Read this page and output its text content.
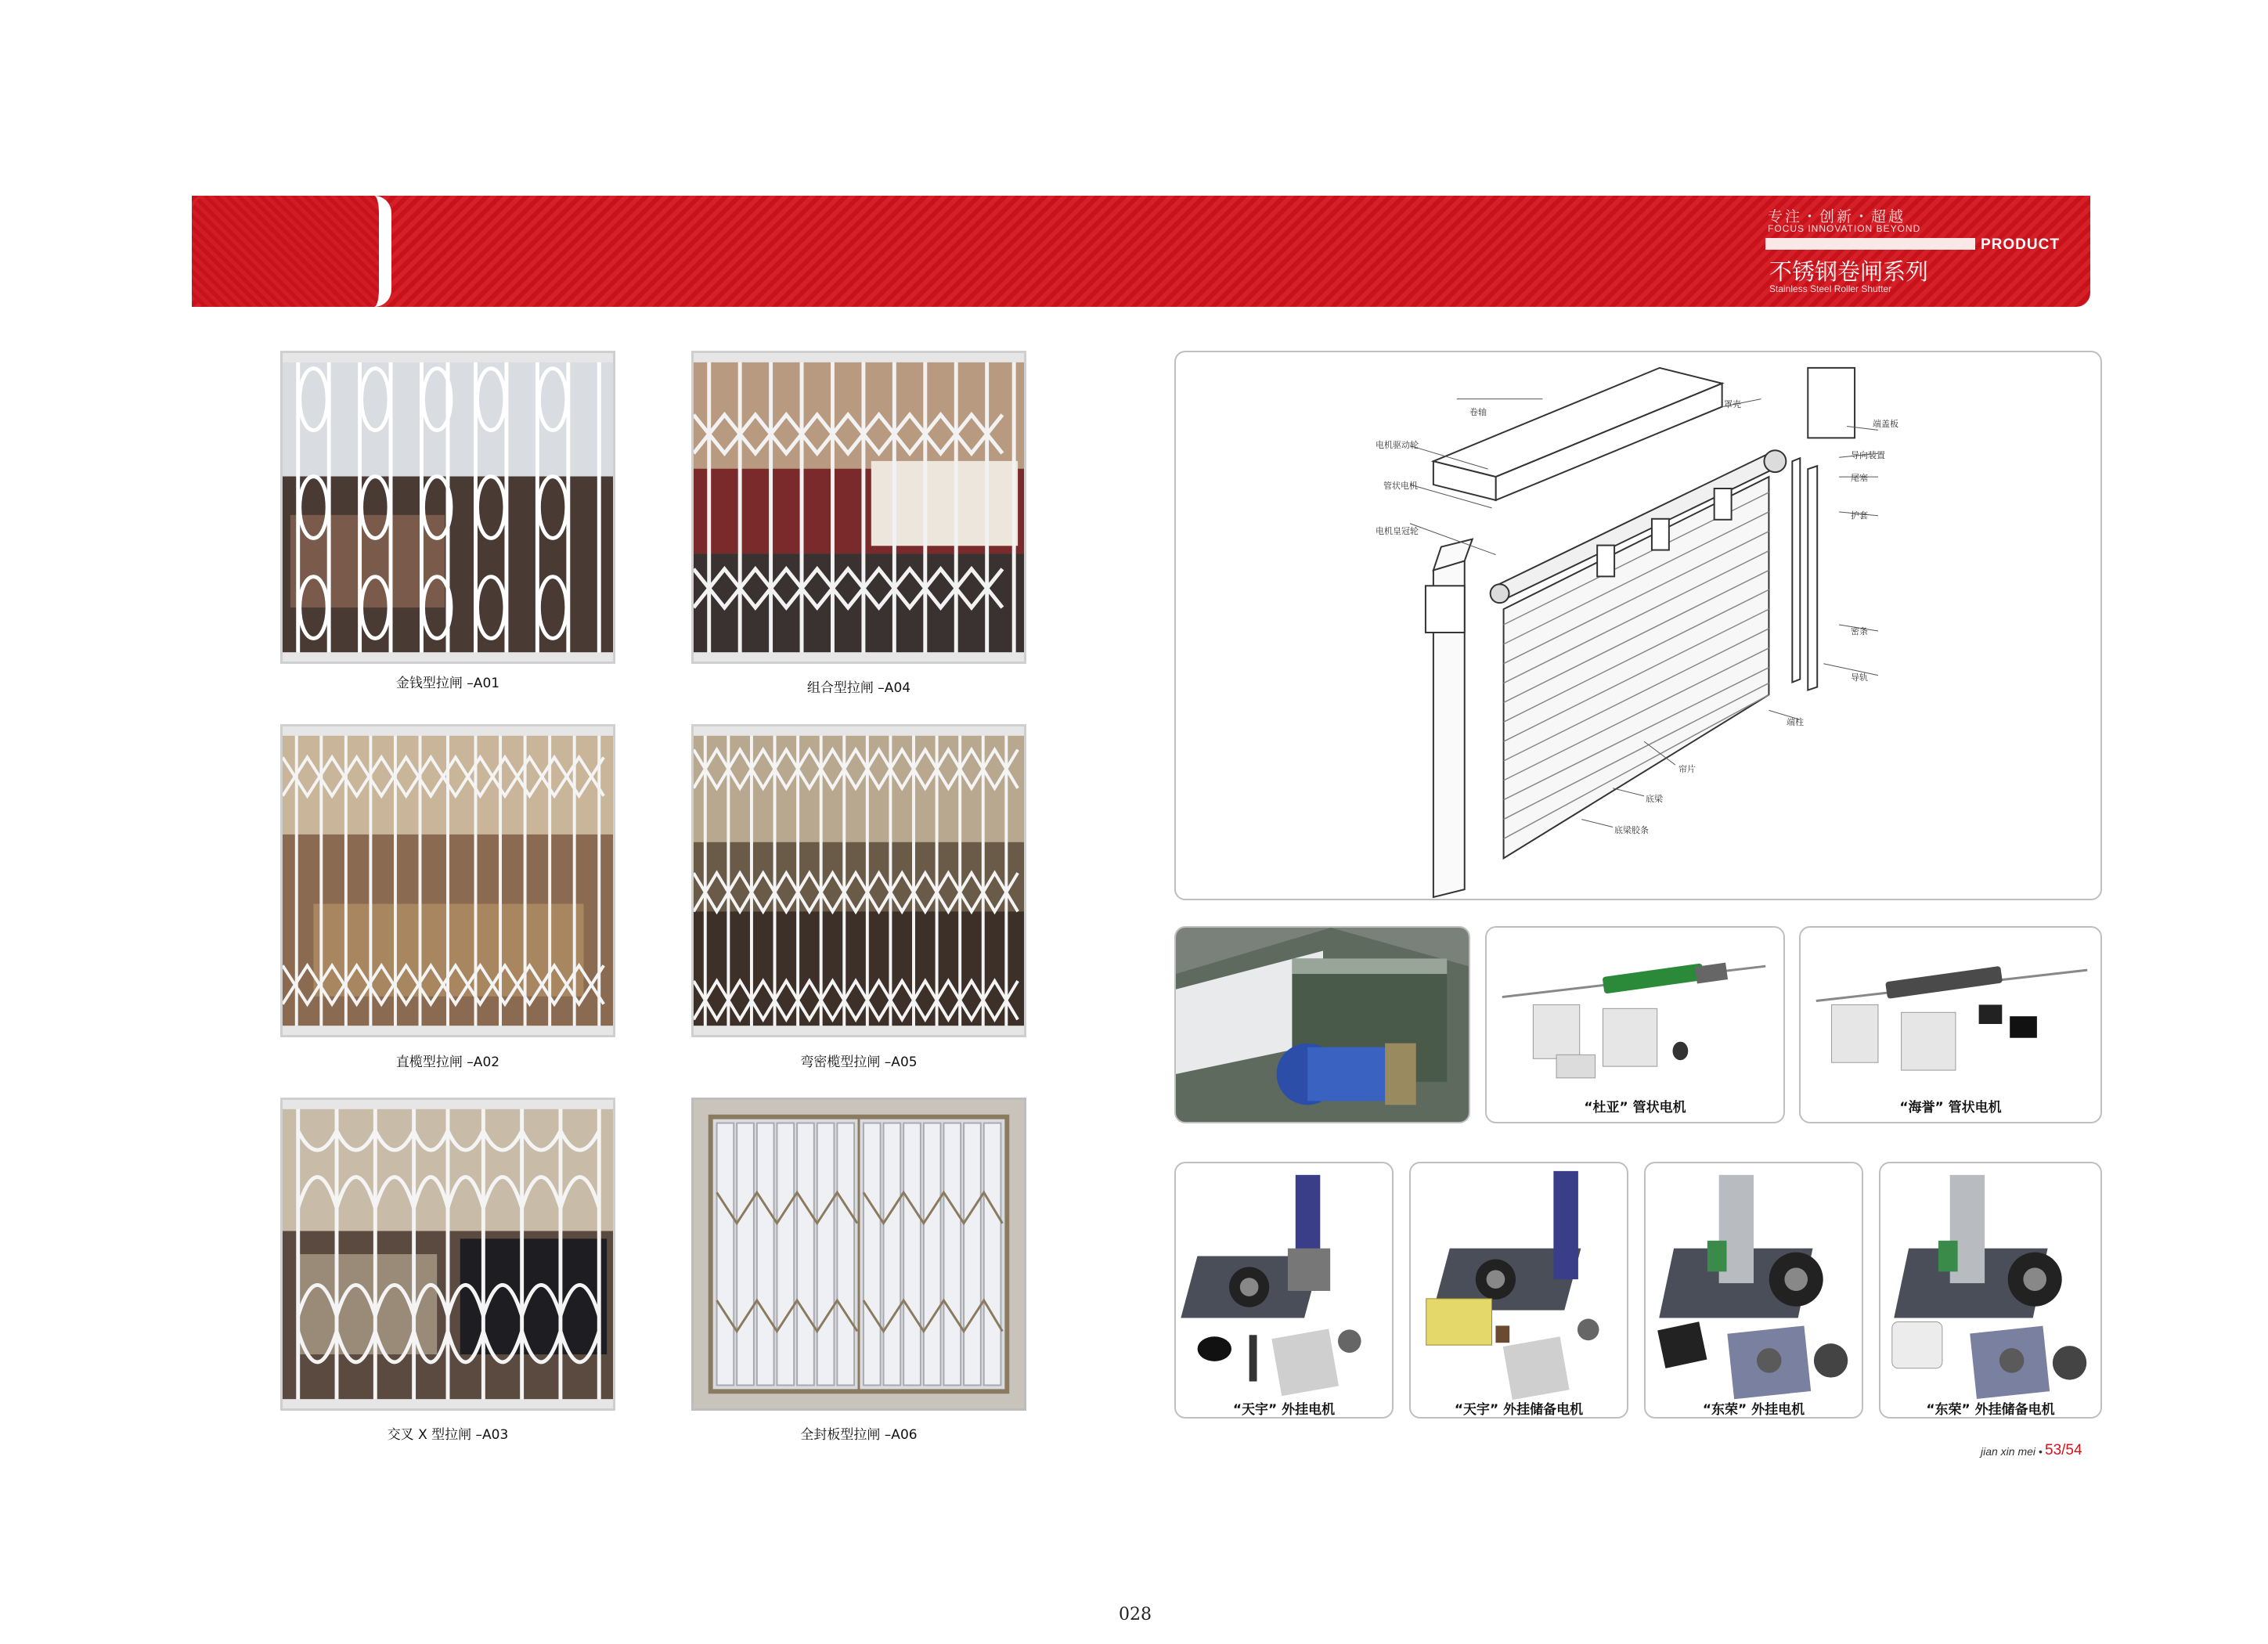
专注・创新・超越
FOCUS INNOVATION BEYOND
PRODUCT
不锈钢卷闸系列
Stainless Steel Roller Shutter
金钱型拉闸 –A01	组合型拉闸 –A04
直榄型拉闸 –A02	弯密榄型拉闸 –A05
交叉 X 型拉闸 –A03	全封板型拉闸 –A06
卷轴
电机驱动轮
管状电机
电机皇冠轮
罩壳
端盖板
导向装置
尾塞
护套
密条
导轨
端柱
帘片
底梁
底梁胶条
“杜亚” 管状电机	“海誉” 管状电机
“天宇” 外挂电机	“天宇” 外挂储备电机	“东荣” 外挂电机	“东荣” 外挂储备电机
jian xin mei • 53/54
028
